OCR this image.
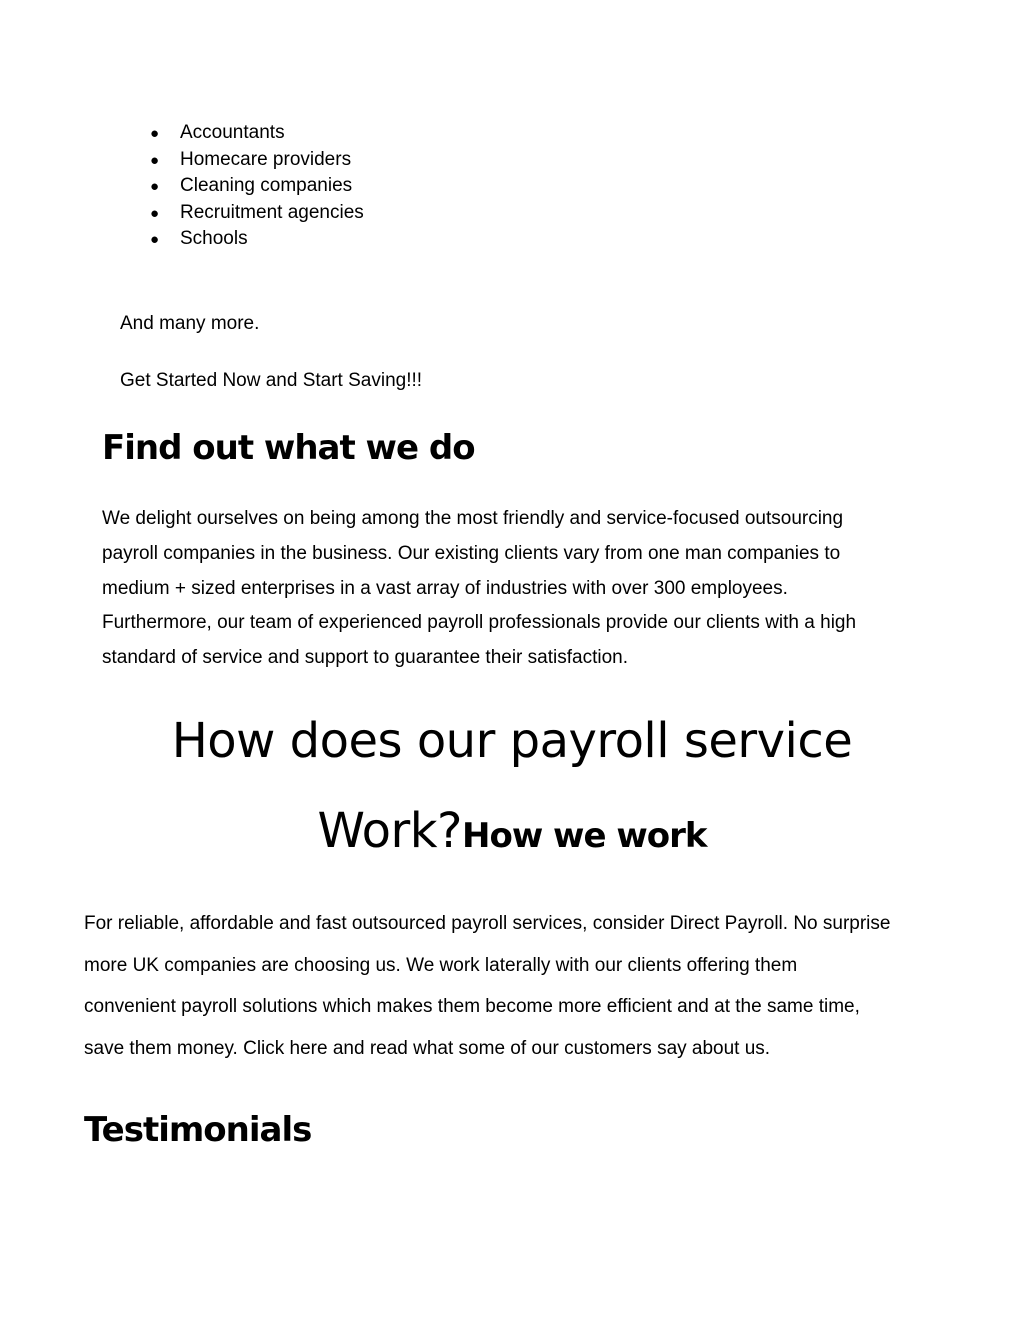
● Accountants
● Homecare providers
● Cleaning companies
● Recruitment agencies
● Schools

And many more.

Get Started Now and Start Saving!!!

Find out what we do
We delight ourselves on being among the most friendly and service-focused outsourcing
payroll companies in the business. Our existing clients vary from one man companies to
medium + sized enterprises in a vast array of industries with over 300 employees.
Furthermore, our team of experienced payroll professionals provide our clients with a high
standard of service and support to guarantee their satisfaction.
How does our payroll service
Work?How we work
For reliable, affordable and fast outsourced payroll services, consider Direct Payroll. No surprise
more UK companies are choosing us. We work laterally with our clients offering them
convenient payroll solutions which makes them become more efficient and at the same time,
save them money. Click here and read what some of our customers say about us.
Testimonials
